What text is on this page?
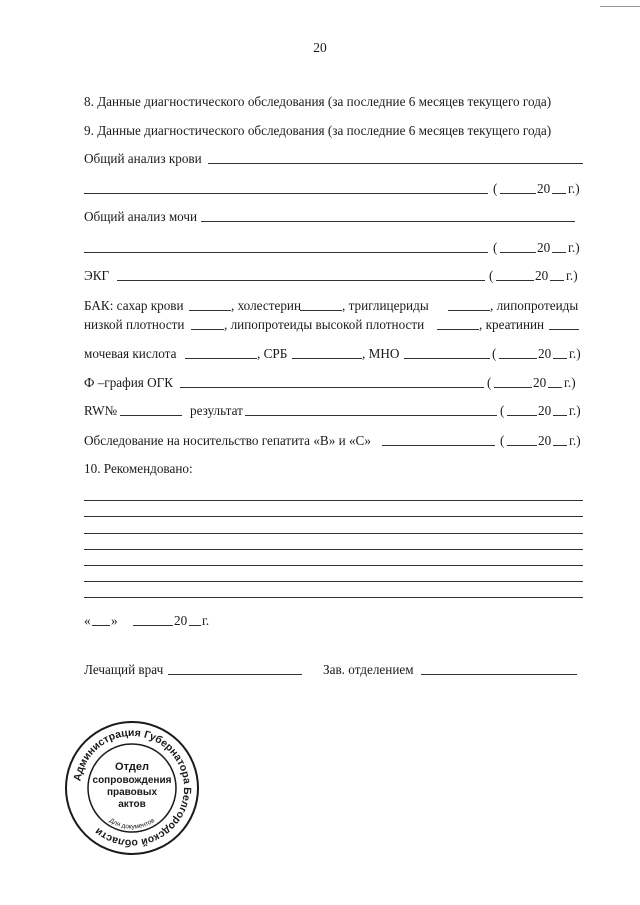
20
8. Данные диагностического обследования (за последние 6 месяцев текущего года)
9. Данные диагностического обследования (за последние 6 месяцев текущего года)
Общий анализ крови
(	20 г.)
Общий анализ мочи
(	20 г.)
ЭКГ	(	20 г.)
БАК: сахар крови	, холестерин	, триглицериды	, липопротеиды
низкой плотности	, липопротеиды высокой плотности	, креатинин
мочевая кислота	, СРБ	, МНО	(	20 г.)
Ф –графия ОГК	(	20 г.)
RW№	результат	(	20 г.)
Обследование на носительство гепатита «В» и «С»	(	20 г.)
10. Рекомендовано:
« »	20 г.
Лечащий врач	Зав. отделением
Администрация Губернатора Белгородской области
Отдел
сопровождения
правовых
актов
Для документов
